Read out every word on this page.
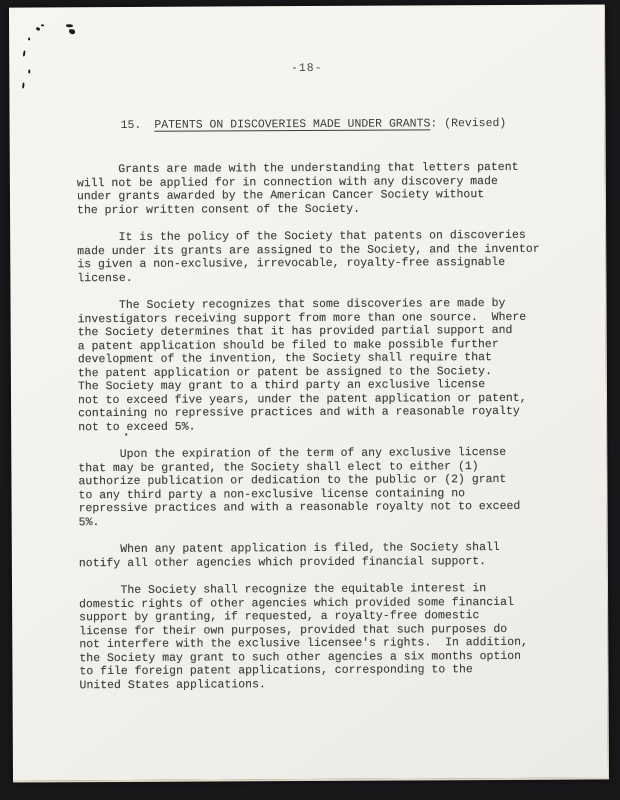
-18-
15. PATENTS ON DISCOVERIES MADE UNDER GRANTS: (Revised)

Grants are made with the understanding that letters patent
will not be applied for in connection with any discovery made
under grants awarded by the American Cancer Society without
the prior written consent of the Society.

It is the policy of the Society that patents on discoveries
made under its grants are assigned to the Society, and the inventor
is given a non-exclusive, irrevocable, royalty-free assignable
license.

The Society recognizes that some discoveries are made by
investigators receiving support from more than one source.  Where
the Society determines that it has provided partial support and
a patent application should be filed to make possible further
development of the invention, the Society shall require that
the patent application or patent be assigned to the Society.
The Society may grant to a third party an exclusive license
not to exceed five years, under the patent application or patent,
containing no repressive practices and with a reasonable royalty
not to exceed 5%.

Upon the expiration of the term of any exclusive license
that may be granted, the Society shall elect to either (1)
authorize publication or dedication to the public or (2) grant
to any third party a non-exclusive license containing no
repressive practices and with a reasonable royalty not to exceed
5%.

When any patent application is filed, the Society shall
notify all other agencies which provided financial support.

The Society shall recognize the equitable interest in
domestic rights of other agencies which provided some financial
support by granting, if requested, a royalty-free domestic
license for their own purposes, provided that such purposes do
not interfere with the exclusive licensee's rights.  In addition,
the Society may grant to such other agencies a six months option
to file foreign patent applications, corresponding to the
United States applications.
